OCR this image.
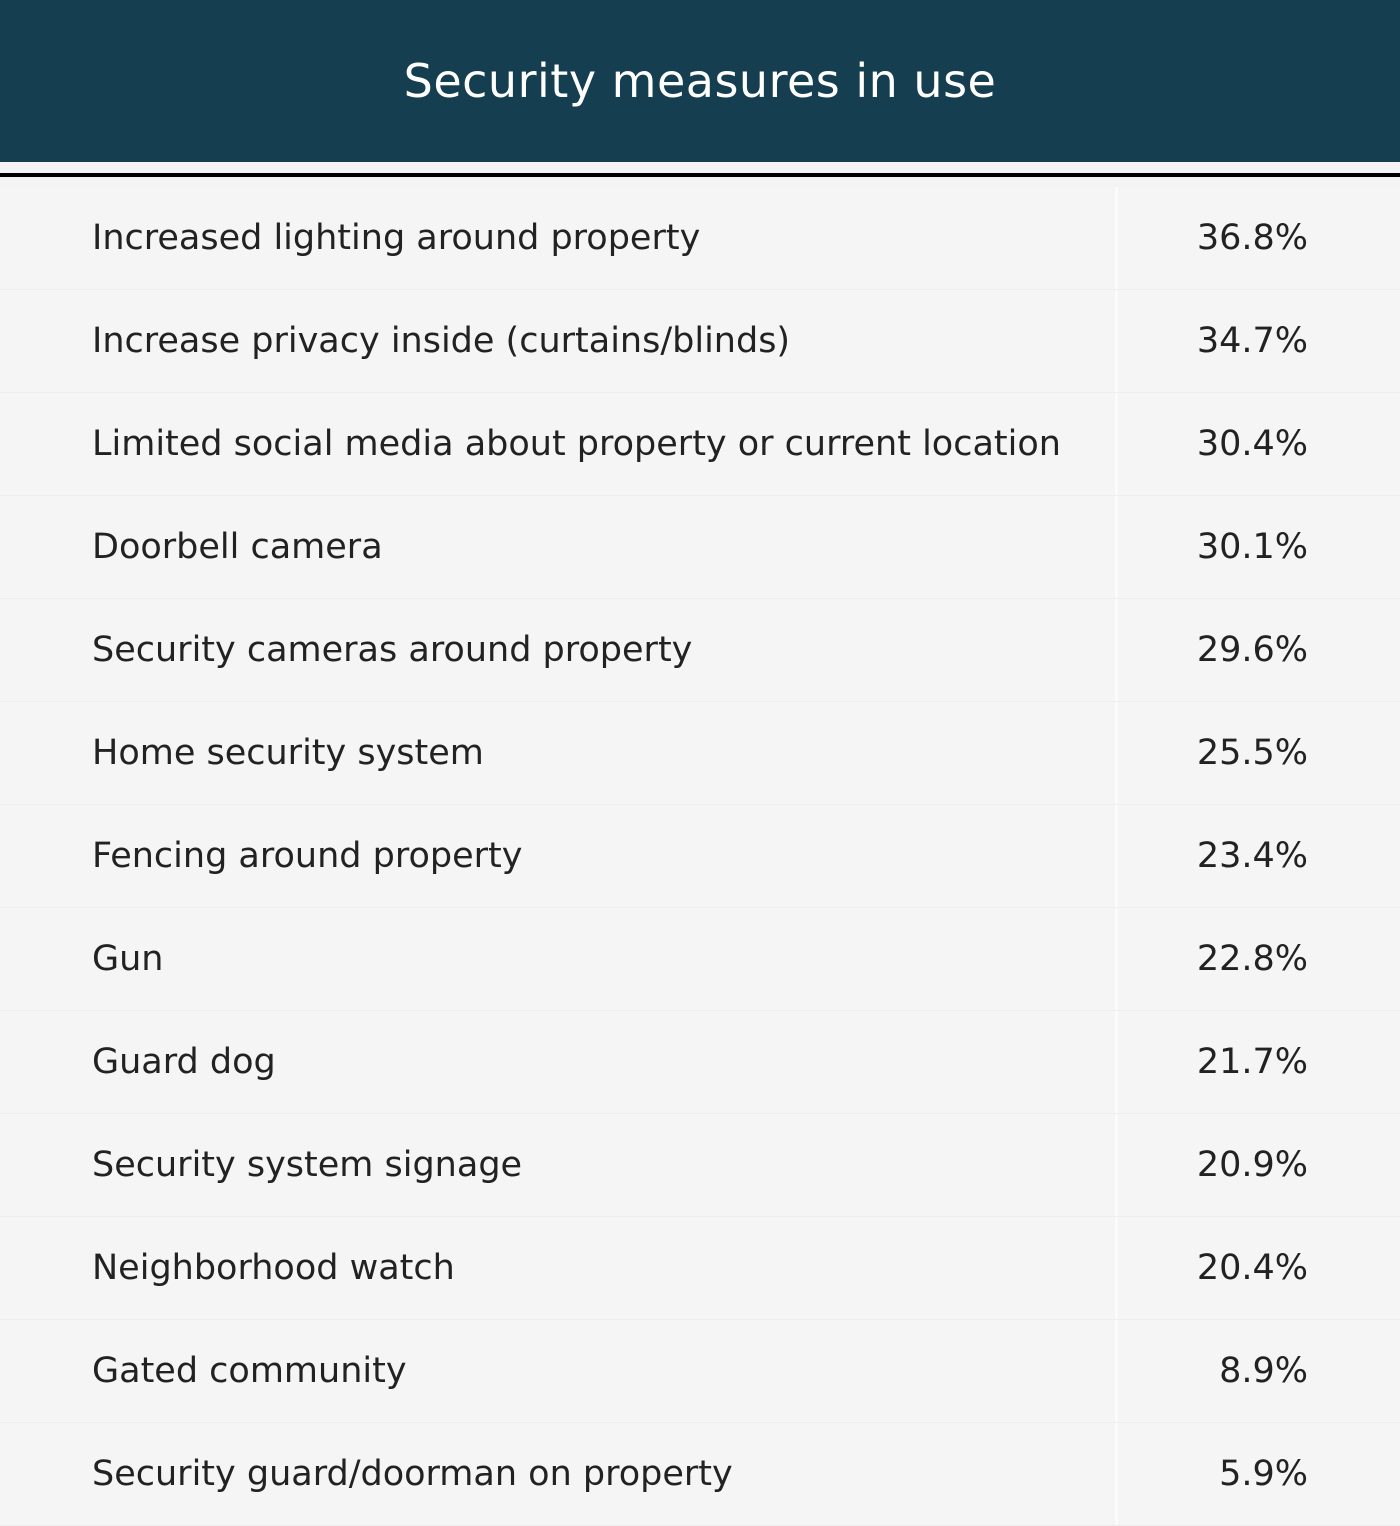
Security measures in use
Increased lighting around property	36.8%
Increase privacy inside (curtains/blinds)	34.7%
Limited social media about property or current location	30.4%
Doorbell camera	30.1%
Security cameras around property	29.6%
Home security system	25.5%
Fencing around property	23.4%
Gun	22.8%
Guard dog	21.7%
Security system signage	20.9%
Neighborhood watch	20.4%
Gated community	8.9%
Security guard/doorman on property	5.9%
